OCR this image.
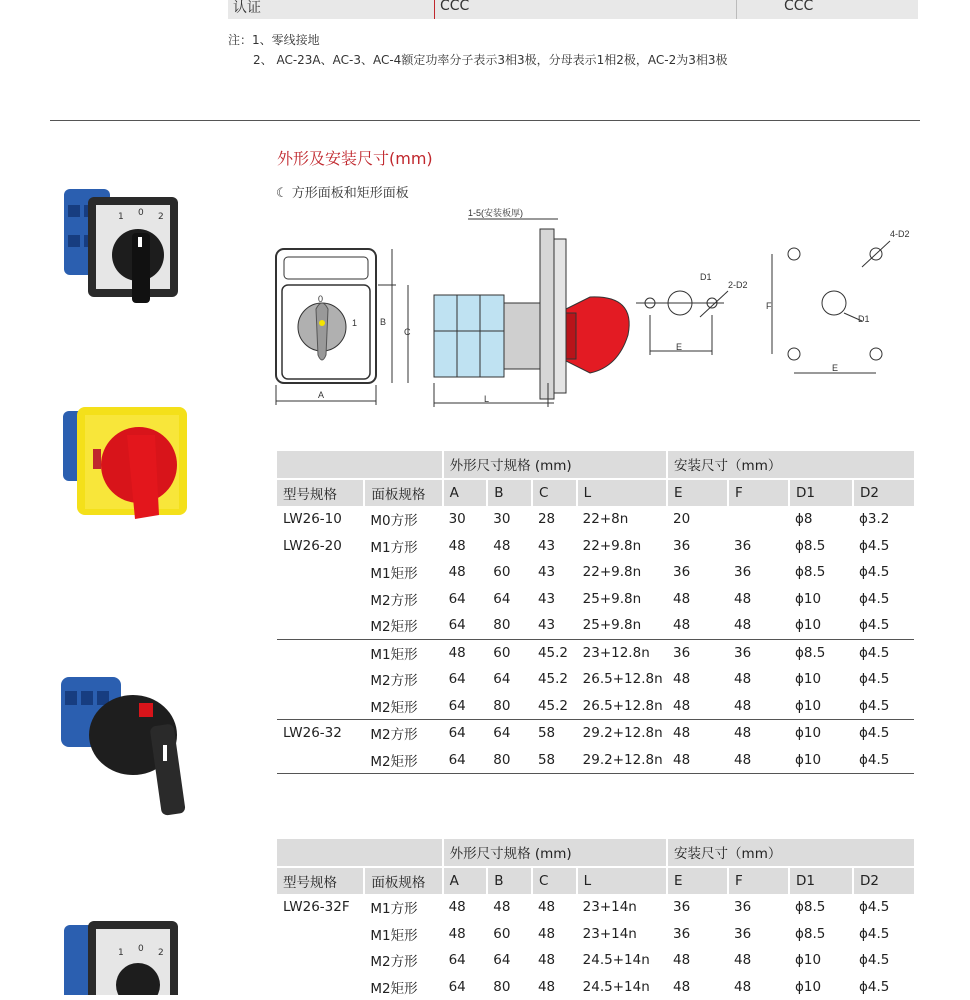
认证	CCC	CCC
注：1、零线接地
2、 AC-23A、AC-3、AC-4额定功率分子表示3相3极，分母表示1相2极，AC-2为3相3极
外形及安装尺寸(mm)
☾ 方形面板和矩形面板
1 0 2
1 0 2
A
B
C
0
1
L
1-5(安装板厚)
D1
2-D2
E
F
D1
4-D2
E
		外形尺寸规格 (mm)				安装尺寸（mm）			
型号规格	面板规格	A	B	C	L	E	F	D1	D2
LW26-10	M0方形	30	30	28	22+8n	20		ϕ8	ϕ3.2
LW26-20	M1方形	48	48	43	22+9.8n	36	36	ϕ8.5	ϕ4.5
	M1矩形	48	60	43	22+9.8n	36	36	ϕ8.5	ϕ4.5
	M2方形	64	64	43	25+9.8n	48	48	ϕ10	ϕ4.5
	M2矩形	64	80	43	25+9.8n	48	48	ϕ10	ϕ4.5
	M1矩形	48	60	45.2	23+12.8n	36	36	ϕ8.5	ϕ4.5
	M2方形	64	64	45.2	26.5+12.8n	48	48	ϕ10	ϕ4.5
	M2矩形	64	80	45.2	26.5+12.8n	48	48	ϕ10	ϕ4.5
LW26-32	M2方形	64	64	58	29.2+12.8n	48	48	ϕ10	ϕ4.5
	M2矩形	64	80	58	29.2+12.8n	48	48	ϕ10	ϕ4.5
		外形尺寸规格 (mm)				安装尺寸（mm）			
型号规格	面板规格	A	B	C	L	E	F	D1	D2
LW26-32F	M1方形	48	48	48	23+14n	36	36	ϕ8.5	ϕ4.5
	M1矩形	48	60	48	23+14n	36	36	ϕ8.5	ϕ4.5
	M2方形	64	64	48	24.5+14n	48	48	ϕ10	ϕ4.5
	M2矩形	64	80	48	24.5+14n	48	48	ϕ10	ϕ4.5
